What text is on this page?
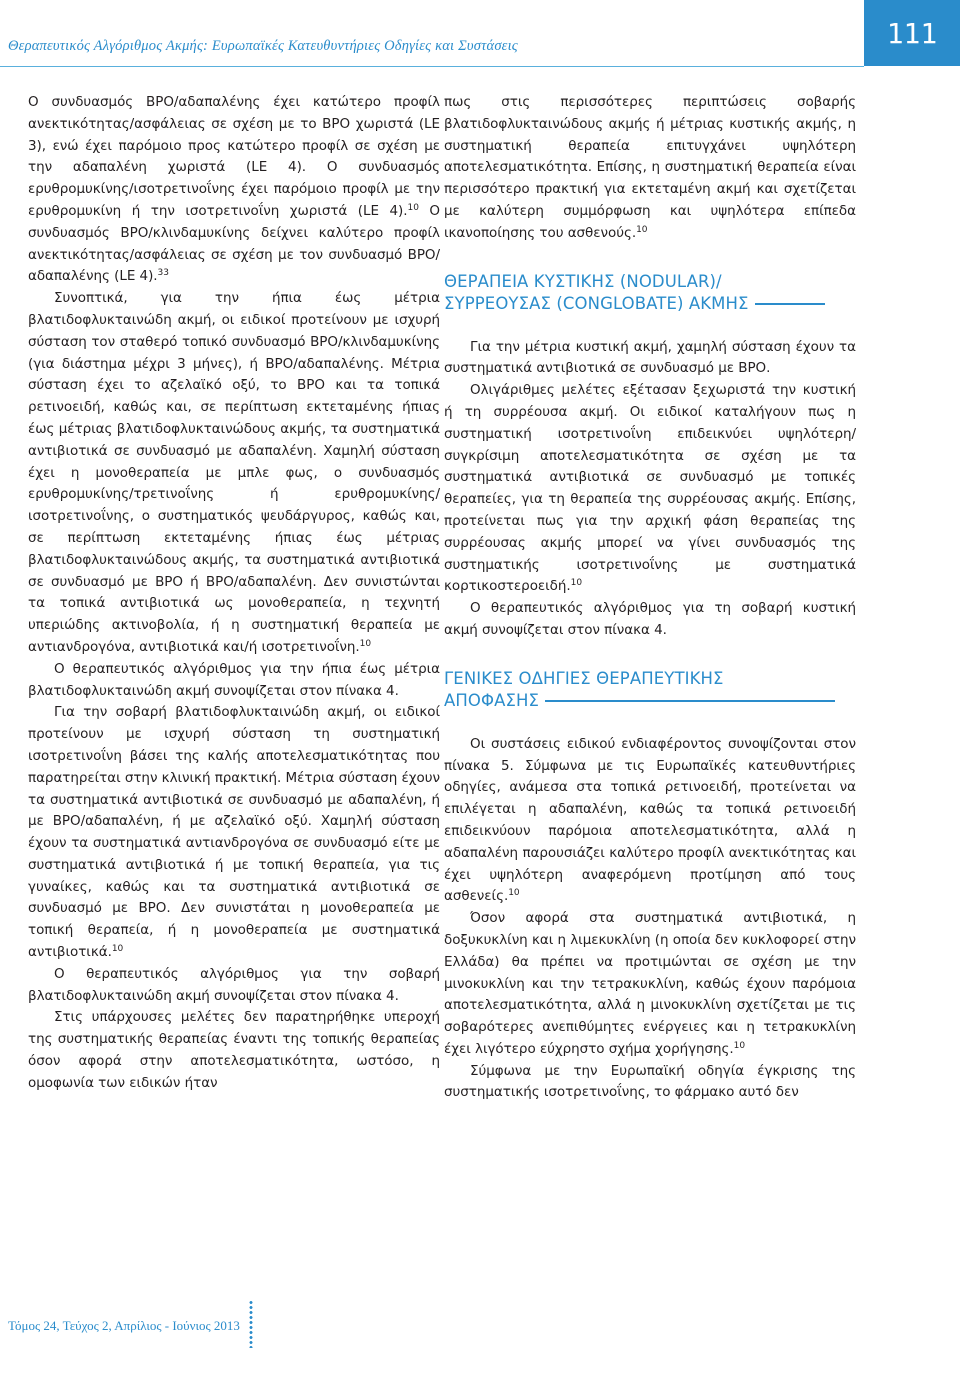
Θεραπευτικός Αλγόριθμος Ακμής: Ευρωπαϊκές Κατευθυντήριες Οδηγίες και Συστάσεις	111

Ο συνδυασμός ΒΡΟ/αδαπαλένης έχει κατώτερο προφίλ ανεκτικότητας/ασφάλειας σε σχέση με το ΒΡΟ χωριστά (LE 3), ενώ έχει παρόμοιο προς κατώτερο προφίλ σε σχέση με την αδαπαλένη χωριστά (LE 4). Ο συνδυασμός ερυθρομυκίνης/ισοτρετινοΐνης έχει παρόμοιο προφίλ με την ερυθρομυκίνη ή την ισοτρετινοΐνη χωριστά (LE 4).$^{10}$ Ο συνδυασμός ΒΡΟ/κλινδαμυκίνης δείχνει καλύτερο προφίλ ανεκτικότητας/ασφάλειας σε σχέση με τον συνδυασμό ΒΡΟ/αδαπαλένης (LE 4).$^{33}$

Συνοπτικά, για την ήπια έως μέτρια βλατιδοφλυκταινώδη ακμή, οι ειδικοί προτείνουν με ισχυρή σύσταση τον σταθερό τοπικό συνδυασμό ΒΡΟ/κλινδαμυκίνης (για διάστημα μέχρι 3 μήνες), ή ΒΡΟ/αδαπαλένης. Μέτρια σύσταση έχει το αζελαϊκό οξύ, το ΒΡΟ και τα τοπικά ρετινοειδή, καθώς και, σε περίπτωση εκτεταμένης ήπιας έως μέτριας βλατιδοφλυκταινώδους ακμής, τα συστηματικά αντιβιοτικά σε συνδυασμό με αδαπαλένη. Χαμηλή σύσταση έχει η μονοθεραπεία με μπλε φως, ο συνδυασμός ερυθρομυκίνης/τρετινοΐνης ή ερυθρομυκίνης/ισοτρετινοΐνης, ο συστηματικός ψευδάργυρος, καθώς και, σε περίπτωση εκτεταμένης ήπιας έως μέτριας βλατιδοφλυκταινώδους ακμής, τα συστηματικά αντιβιοτικά σε συνδυασμό με ΒΡΟ ή ΒΡΟ/αδαπαλένη. Δεν συνιστώνται τα τοπικά αντιβιοτικά ως μονοθεραπεία, η τεχνητή υπεριώδης ακτινοβολία, ή η συστηματική θεραπεία με αντιανδρογόνα, αντιβιοτικά και/ή ισοτρετινοΐνη.$^{10}$

Ο θεραπευτικός αλγόριθμος για την ήπια έως μέτρια βλατιδοφλυκταινώδη ακμή συνοψίζεται στον πίνακα 4.

Για την σοβαρή βλατιδοφλυκταινώδη ακμή, οι ειδικοί προτείνουν με ισχυρή σύσταση τη συστηματική ισοτρετινοΐνη βάσει της καλής αποτελεσματικότητας που παρατηρείται στην κλινική πρακτική. Μέτρια σύσταση έχουν τα συστηματικά αντιβιοτικά σε συνδυασμό με αδαπαλένη, ή με ΒΡΟ/αδαπαλένη, ή με αζελαϊκό οξύ. Χαμηλή σύσταση έχουν τα συστηματικά αντιανδρογόνα σε συνδυασμό είτε με συστηματικά αντιβιοτικά ή με τοπική θεραπεία, για τις γυναίκες, καθώς και τα συστηματικά αντιβιοτικά σε συνδυασμό με ΒΡΟ. Δεν συνιστάται η μονοθεραπεία με τοπική θεραπεία, ή η μονοθεραπεία με συστηματικά αντιβιοτικά.$^{10}$

Ο θεραπευτικός αλγόριθμος για την σοβαρή βλατιδοφλυκταινώδη ακμή συνοψίζεται στον πίνακα 4.

Στις υπάρχουσες μελέτες δεν παρατηρήθηκε υπεροχή της συστηματικής θεραπείας έναντι της τοπικής θεραπείας όσον αφορά στην αποτελεσματικότητα, ωστόσο, η ομοφωνία των ειδικών ήταν

πως στις περισσότερες περιπτώσεις σοβαρής βλατιδοφλυκταινώδους ακμής ή μέτριας κυστικής ακμής, η συστηματική θεραπεία επιτυγχάνει υψηλότερη αποτελεσματικότητα. Επίσης, η συστηματική θεραπεία είναι περισσότερο πρακτική για εκτεταμένη ακμή και σχετίζεται με καλύτερη συμμόρφωση και υψηλότερα επίπεδα ικανοποίησης του ασθενούς.$^{10}$

ΘΕΡΑΠΕΙΑ ΚΥΣΤΙΚΗΣ (NODULAR)/
ΣΥΡΡΕΟΥΣΑΣ (CONGLOBATE) ΑΚΜΗΣ

Για την μέτρια κυστική ακμή, χαμηλή σύσταση έχουν τα συστηματικά αντιβιοτικά σε συνδυασμό με ΒΡΟ.

Ολιγάριθμες μελέτες εξέτασαν ξεχωριστά την κυστική ή τη συρρέουσα ακμή. Οι ειδικοί καταλήγουν πως η συστηματική ισοτρετινοΐνη επιδεικνύει υψηλότερη/συγκρίσιμη αποτελεσματικότητα σε σχέση με τα συστηματικά αντιβιοτικά σε συνδυασμό με τοπικές θεραπείες, για τη θεραπεία της συρρέουσας ακμής. Επίσης, προτείνεται πως για την αρχική φάση θεραπείας της συρρέουσας ακμής μπορεί να γίνει συνδυασμός της συστηματικής ισοτρετινοΐνης με συστηματικά κορτικοστεροειδή.$^{10}$

Ο θεραπευτικός αλγόριθμος για τη σοβαρή κυστική ακμή συνοψίζεται στον πίνακα 4.

ΓΕΝΙΚΕΣ ΟΔΗΓΙΕΣ ΘΕΡΑΠΕΥΤΙΚΗΣ
ΑΠΟΦΑΣΗΣ

Οι συστάσεις ειδικού ενδιαφέροντος συνοψίζονται στον πίνακα 5. Σύμφωνα με τις Ευρωπαϊκές κατευθυντήριες οδηγίες, ανάμεσα στα τοπικά ρετινοειδή, προτείνεται να επιλέγεται η αδαπαλένη, καθώς τα τοπικά ρετινοειδή επιδεικνύουν παρόμοια αποτελεσματικότητα, αλλά η αδαπαλένη παρουσιάζει καλύτερο προφίλ ανεκτικότητας και έχει υψηλότερη αναφερόμενη προτίμηση από τους ασθενείς.$^{10}$

Όσον αφορά στα συστηματικά αντιβιοτικά, η δοξυκυκλίνη και η λιμεκυκλίνη (η οποία δεν κυκλοφορεί στην Ελλάδα) θα πρέπει να προτιμώνται σε σχέση με την μινοκυκλίνη και την τετρακυκλίνη, καθώς έχουν παρόμοια αποτελεσματικότητα, αλλά η μινοκυκλίνη σχετίζεται με τις σοβαρότερες ανεπιθύμητες ενέργειες και η τετρακυκλίνη έχει λιγότερο εύχρηστο σχήμα χορήγησης.$^{10}$

Σύμφωνα με την Ευρωπαϊκή οδηγία έγκρισης της συστηματικής ισοτρετινοΐνης, το φάρμακο αυτό δεν

Τόμος 24, Τεύχος 2, Απρίλιος - Ιούνιος 2013
